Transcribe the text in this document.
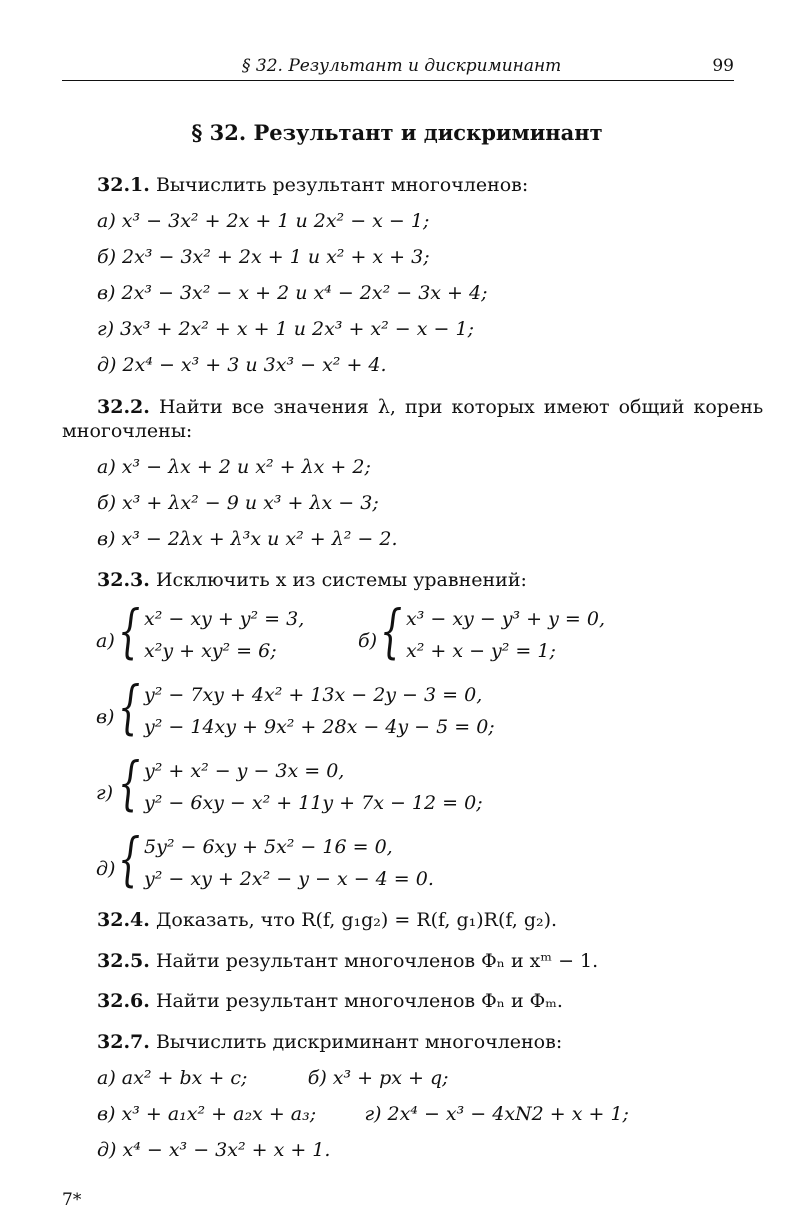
§ 32. Результант и дискриминант	99
§ 32. Результант и дискриминант
32.1. Вычислить результант многочленов:
а) x³ − 3x² + 2x + 1 и 2x² − x − 1;
б) 2x³ − 3x² + 2x + 1 и x² + x + 3;
в) 2x³ − 3x² − x + 2 и x⁴ − 2x² − 3x + 4;
г) 3x³ + 2x² + x + 1 и 2x³ + x² − x − 1;
д) 2x⁴ − x³ + 3 и 3x³ − x² + 4.
32.2. Найти все значения λ, при которых имеют общий корень
многочлены:
а) x³ − λx + 2 и x² + λx + 2;
б) x³ + λx² − 9 и x³ + λx − 3;
в) x³ − 2λx + λ³x и x² + λ² − 2.
32.3. Исключить x из системы уравнений:
а) { x² − xy + y² = 3,
x²y + xy² = 6;	б) { x³ − xy − y³ + y = 0,
x² + x − y² = 1;
в) { y² − 7xy + 4x² + 13x − 2y − 3 = 0,
y² − 14xy + 9x² + 28x − 4y − 5 = 0;
г) { y² + x² − y − 3x = 0,
y² − 6xy − x² + 11y + 7x − 12 = 0;
д) { 5y² − 6xy + 5x² − 16 = 0,
y² − xy + 2x² − y − x − 4 = 0.
32.4. Доказать, что R(f, g₁g₂) = R(f, g₁)R(f, g₂).
32.5. Найти результант многочленов Φₙ и xᵐ − 1.
32.6. Найти результант многочленов Φₙ и Φₘ.
32.7. Вычислить дискриминант многочленов:
а) ax² + bx + c;          б) x³ + px + q;
в) x³ + a₁x² + a₂x + a₃;        г) 2x⁴ − x³ − 4xN2 + x + 1;
д) x⁴ − x³ − 3x² + x + 1.
7*
